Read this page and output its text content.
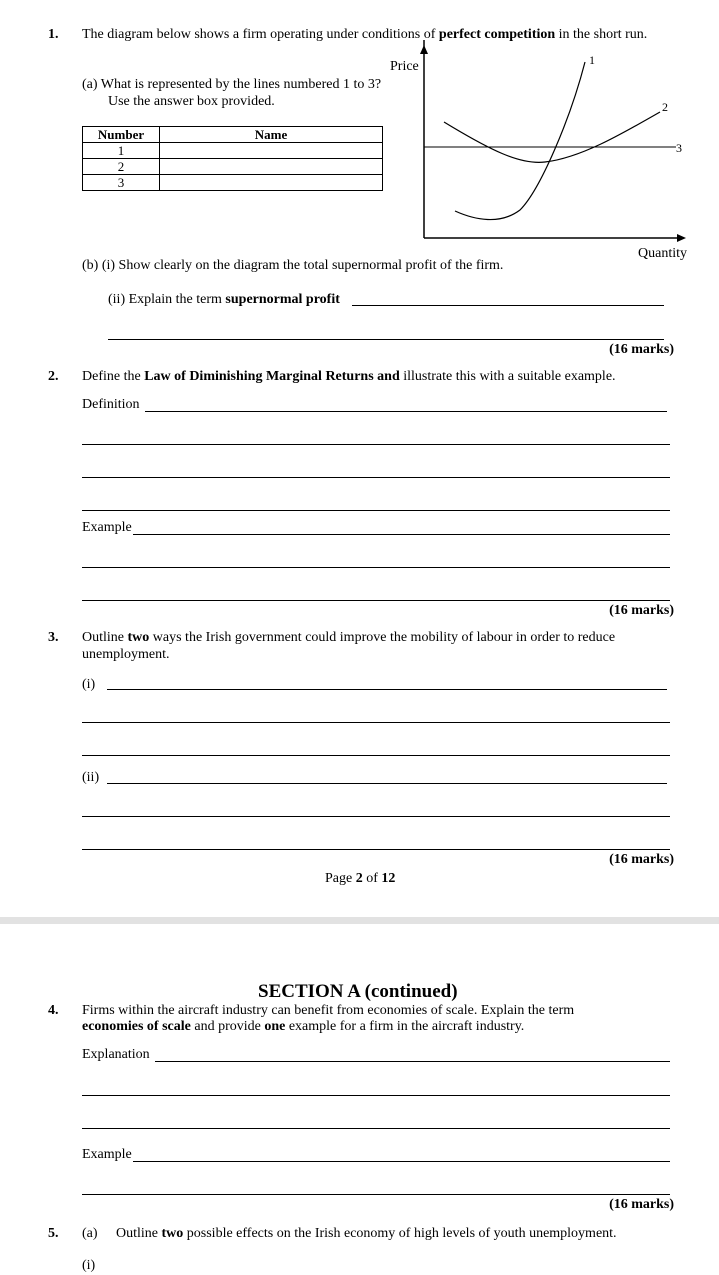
1. The diagram below shows a firm operating under conditions of perfect competition in the short run.
(a) What is represented by the lines numbered 1 to 3?
Use the answer box provided.
Number	Name
1	
2	
3	
Price
Quantity
1
2
3
(b) (i) Show clearly on the diagram the total supernormal profit of the firm.
(ii) Explain the term supernormal profit
(16 marks)
2. Define the Law of Diminishing Marginal Returns and illustrate this with a suitable example.
Definition
Example
(16 marks)
3. Outline two ways the Irish government could improve the mobility of labour in order to reduce
unemployment.
(i)
(ii)
(16 marks)
Page 2 of 12
SECTION A (continued)
4. Firms within the aircraft industry can benefit from economies of scale. Explain the term
economies of scale and provide one example for a firm in the aircraft industry.
Explanation
Example
(16 marks)
5. (a) Outline two possible effects on the Irish economy of high levels of youth unemployment.
(i)
